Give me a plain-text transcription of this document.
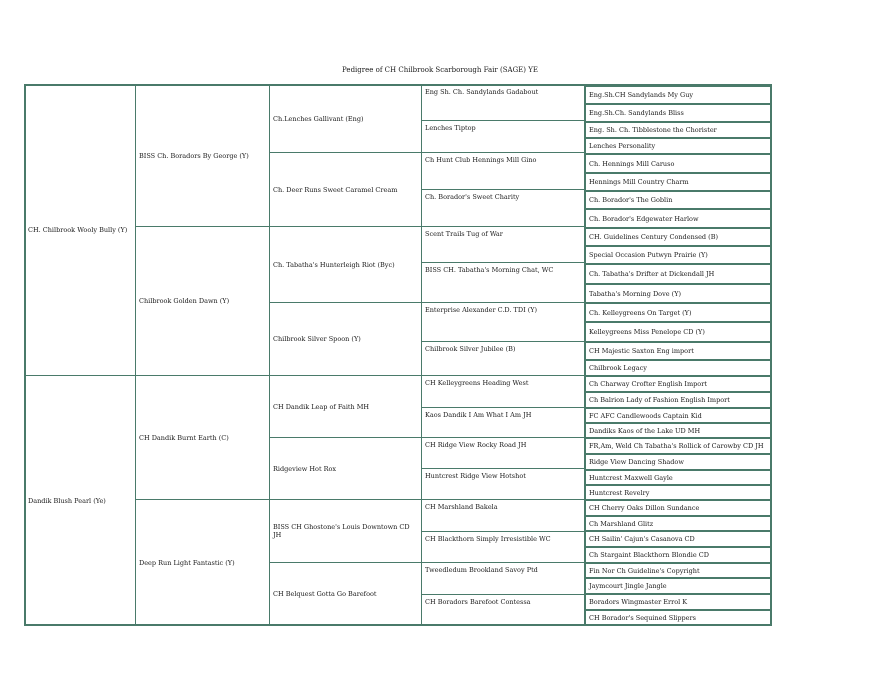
Pedigree of CH Chilbrook Scarborough Fair (SAGE) YE
CH. Chilbrook Wooly Bully (Y)
Dandik Blush Pearl (Ye)
BISS Ch. Boradors By George (Y)
Chilbrook Golden Dawn (Y)
CH Dandik Burnt Earth (C)
Deep Run Light Fantastic (Y)
Ch.Lenches Gallivant (Eng)
Ch. Deer Runs Sweet Caramel Cream
Ch. Tabatha's Hunterleigh Riot (Byc)
Chilbrook Silver Spoon (Y)
CH Dandik Leap of Faith MH
Ridgeview Hot Rox
BISS CH Ghostone's Louis Downtown CD JH
CH Belquest Gotta Go Barefoot
Eng Sh. Ch. Sandylands Gadabout
Lenches Tiptop
Ch Hunt Club Hennings Mill Gino
Ch. Borador's Sweet Charity
Scent Trails Tug of War
BISS CH. Tabatha's Morning Chat, WC
Enterprise Alexander C.D. TDI (Y)
Chilbrook Silver Jubilee (B)
CH Kelleygreens Heading West
Kaos Dandik I Am What I Am JH
CH Ridge View Rocky Road JH
Huntcrest Ridge View Hotshot
CH Marshland Bakela
CH Blackthorn Simply Irresistible WC
Tweedledum Brookland Savoy Ptd
CH Boradors Barefoot Contessa
Eng.Sh.CH Sandylands My Guy
Eng.Sh.Ch. Sandylands Bliss
Eng. Sh. Ch. Tibblestone the Chorister
Lenches Personality
Ch. Hennings Mill Caruso
Hennings Mill Country Charm
Ch. Borador's The Goblin
Ch. Borador's Edgewater Harlow
CH. Guidelines Century Condensed (B)
Special Occasion Putwyn Prairie (Y)
Ch. Tabatha's Drifter at Dickendall JH
Tabatha's Morning Dove (Y)
Ch. Kelleygreens On Target (Y)
Kelleygreens Miss Penelope CD (Y)
CH Majestic Saxton Eng import
Chilbrook Legacy
Ch Charway Crofter English Import
Ch Balrion Lady of Fashion English Import
FC AFC Candlewoods Captain Kid
Dandiks Kaos of the Lake UD MH
FR,Am, Weld Ch Tabatha's Rollick of Carowby CD JH
Ridge View Dancing Shadow
Huntcrest Maxwell Gayle
Huntcrest Revelry
CH Cherry Oaks Dillon Sundance
Ch Marshland Glitz
CH Sailin' Cajun's Casanova CD
Ch Stargaint Blackthorn Blondie CD
Fin Nor Ch Guideline's Copyright
Jaymcourt Jingle Jangle
Boradors Wingmaster Errol K
CH Borador's Sequined Slippers
